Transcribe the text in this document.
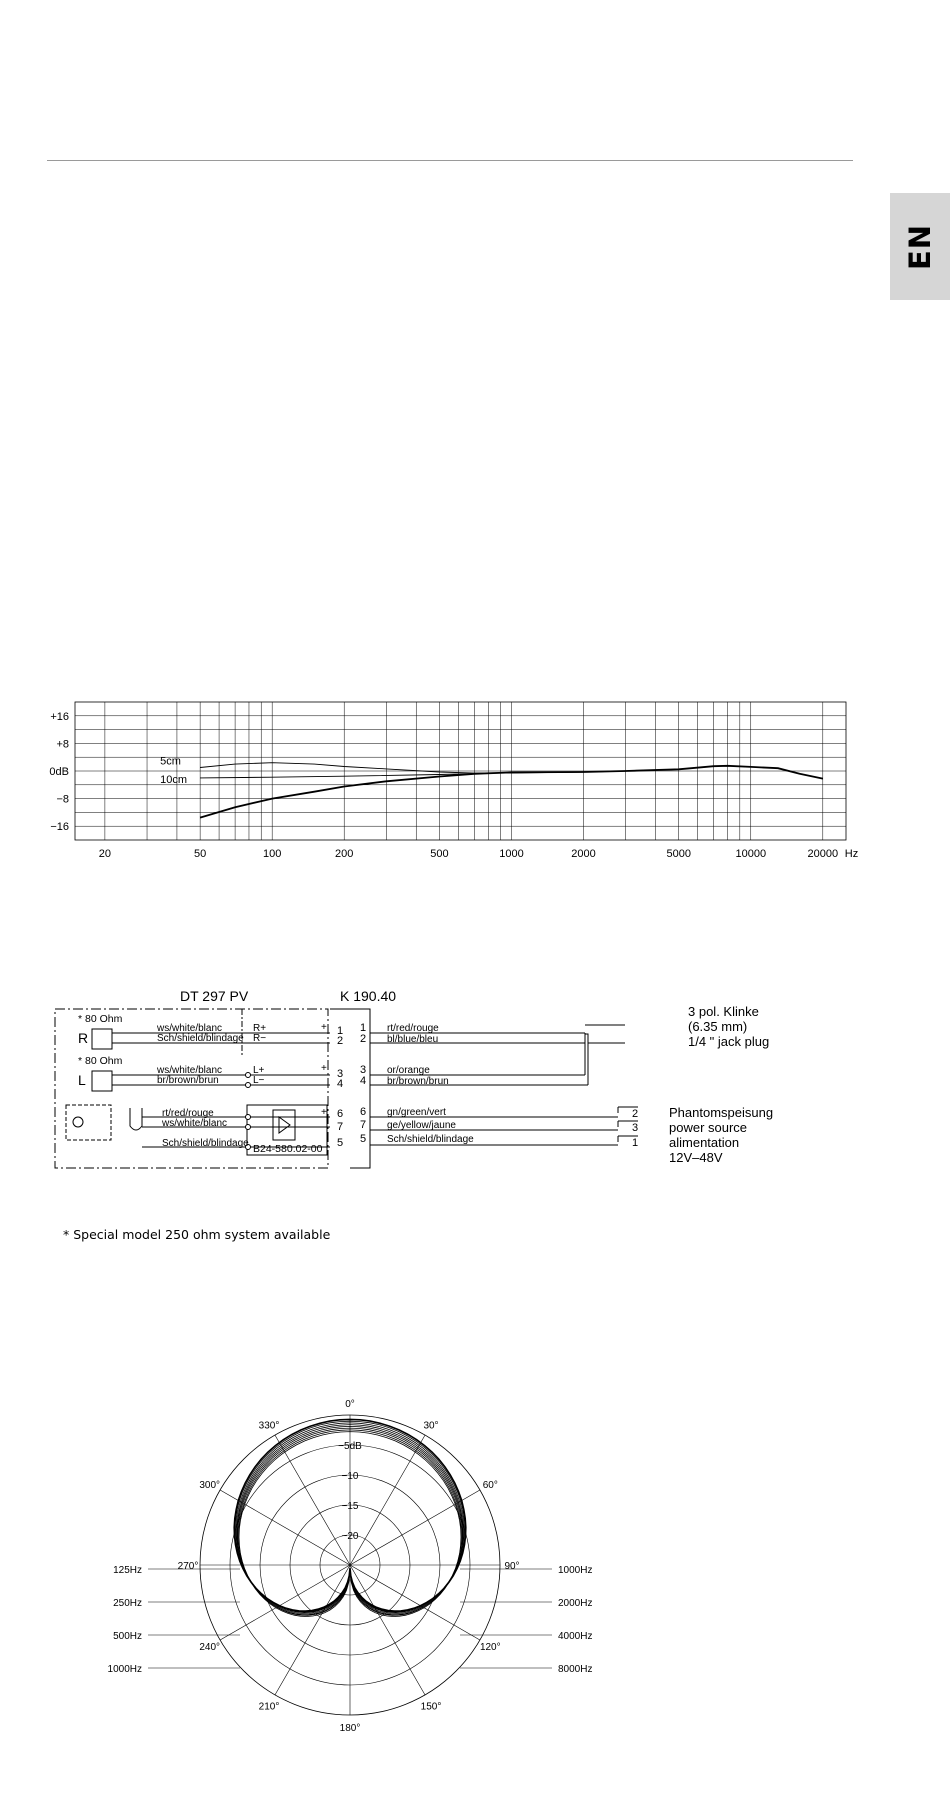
EN
+16
+8
0dB
−8
−16
20	50	100	200	500	1000	2000	5000	10000	20000
5cm
10cm
Hz
DT 297 PV	K 190.40
* 80 Ohm
R
* 80 Ohm
L
B24-580.02-00
ws/white/blanc
Sch/shield/blindage
ws/white/blanc
br/brown/brun
rt/red/rouge
ws/white/blanc
Sch/shield/blindage
R+
R−
L+
L−
+
+
+
1
2
3
4
6
7
5
1
2
3
4
6
7
5
rt/red/rouge
bl/blue/bleu
or/orange
br/brown/brun
gn/green/vert
ge/yellow/jaune
Sch/shield/blindage
3 pol. Klinke
(6.35 mm)
1/4 " jack plug
2
3
1
Phantomspeisung
power source
alimentation
12V–48V
* Special model 250 ohm system available
0°
30°
60°
90°
120°
150°
180°
210°
240°
270°
300°
330°
−5dB
−10
−15
−20
125Hz
250Hz
500Hz
1000Hz
1000Hz
2000Hz
4000Hz
8000Hz
